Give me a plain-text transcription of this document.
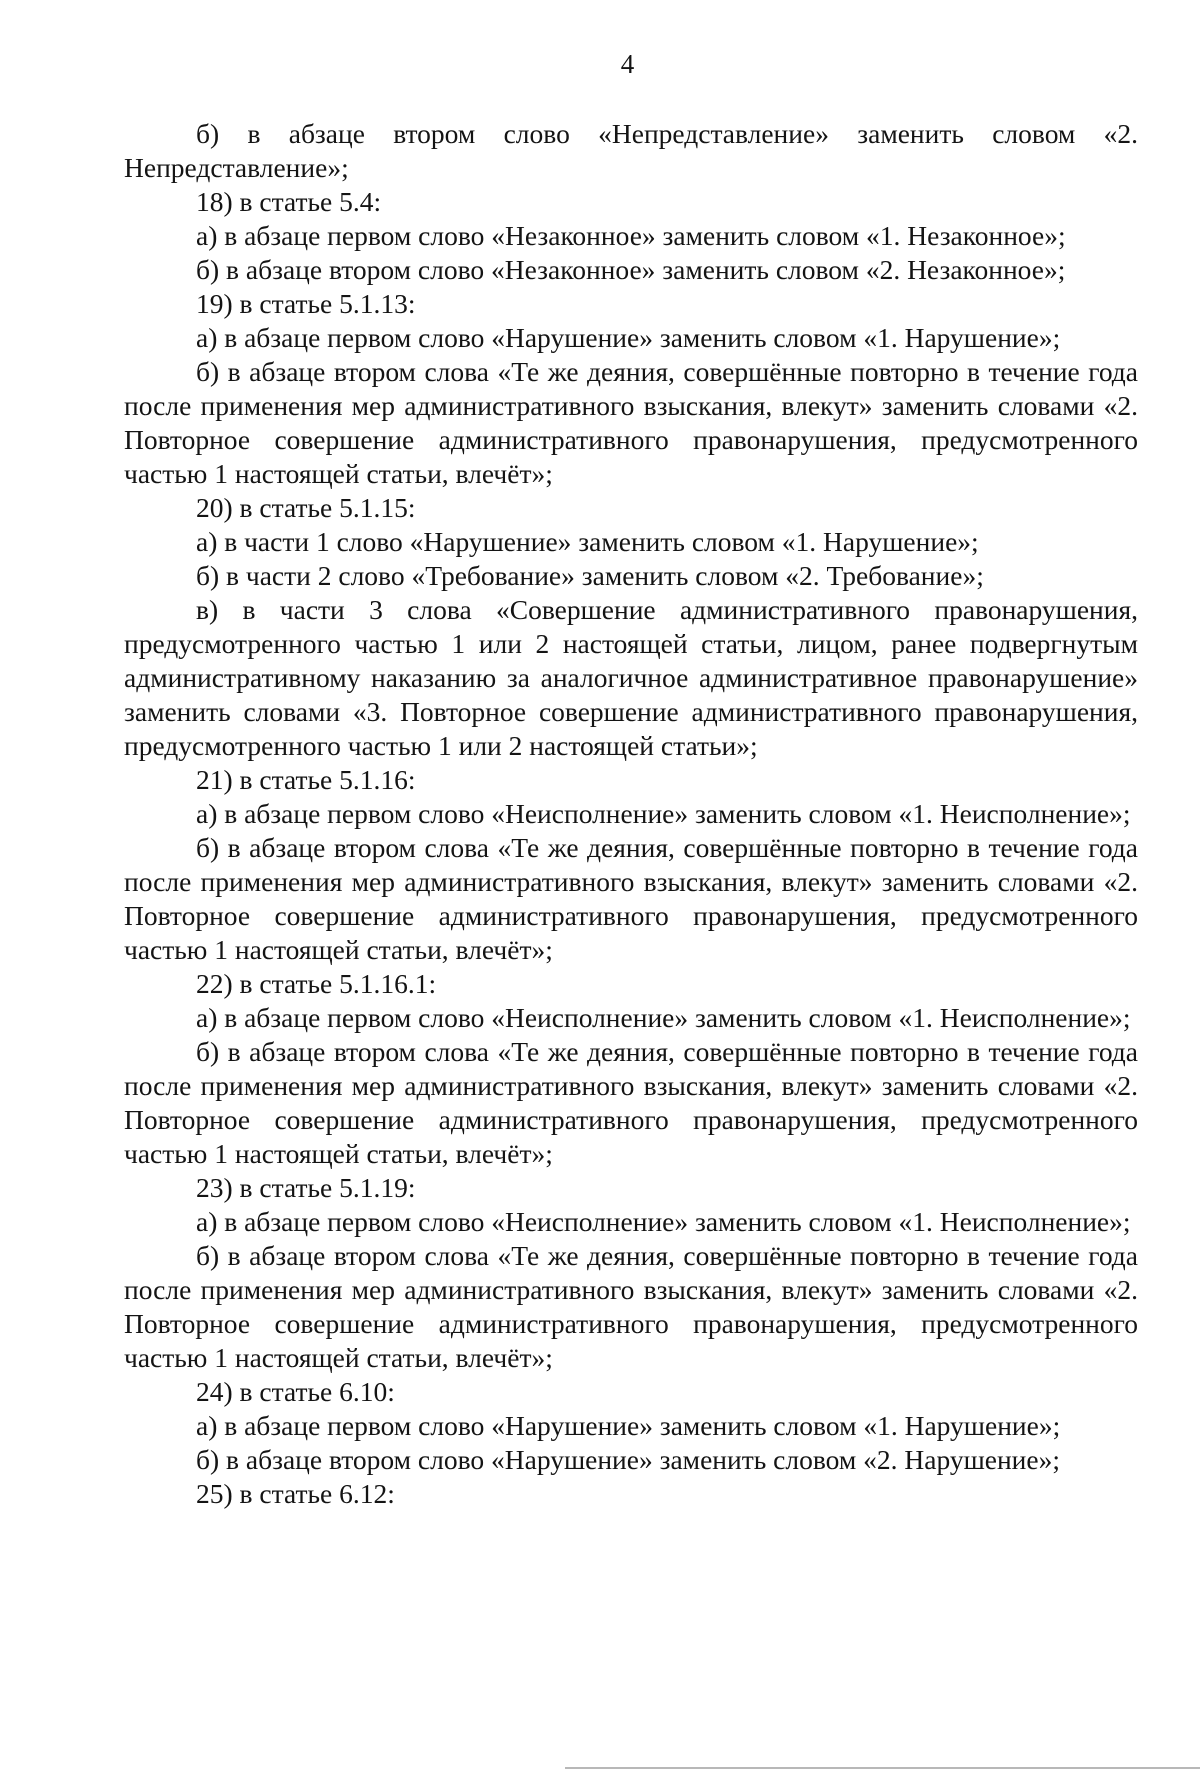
4

б) в абзаце втором слово «Непредставление» заменить словом «2. Непредставление»;

18) в статье 5.4:

а) в абзаце первом слово «Незаконное» заменить словом «1. Незаконное»;

б) в абзаце втором слово «Незаконное» заменить словом «2. Незаконное»;

19) в статье 5.1.13:

а) в абзаце первом слово «Нарушение» заменить словом «1. Нарушение»;

б) в абзаце втором слова «Те же деяния, совершённые повторно в течение года после применения мер административного взыскания, влекут» заменить словами «2. Повторное совершение административного правонарушения, предусмотренного частью 1 настоящей статьи, влечёт»;

20) в статье 5.1.15:

а) в части 1 слово «Нарушение» заменить словом «1. Нарушение»;

б) в части 2 слово «Требование» заменить словом «2. Требование»;

в) в части 3 слова «Совершение административного правонарушения, предусмотренного частью 1 или 2 настоящей статьи, лицом, ранее подвергнутым административному наказанию за аналогичное административное правонарушение» заменить словами «3. Повторное совершение административного правонарушения, предусмотренного частью 1 или 2 настоящей статьи»;

21) в статье 5.1.16:

а) в абзаце первом слово «Неисполнение» заменить словом «1. Неисполнение»;

б) в абзаце втором слова «Те же деяния, совершённые повторно в течение года после применения мер административного взыскания, влекут» заменить словами «2. Повторное совершение административного правонарушения, предусмотренного частью 1 настоящей статьи, влечёт»;

22) в статье 5.1.16.1:

а) в абзаце первом слово «Неисполнение» заменить словом «1. Неисполнение»;

б) в абзаце втором слова «Те же деяния, совершённые повторно в течение года после применения мер административного взыскания, влекут» заменить словами «2. Повторное совершение административного правонарушения, предусмотренного частью 1 настоящей статьи, влечёт»;

23) в статье 5.1.19:

а) в абзаце первом слово «Неисполнение» заменить словом «1. Неисполнение»;

б) в абзаце втором слова «Те же деяния, совершённые повторно в течение года после применения мер административного взыскания, влекут» заменить словами «2. Повторное совершение административного правонарушения, предусмотренного частью 1 настоящей статьи, влечёт»;

24) в статье 6.10:

а) в абзаце первом слово «Нарушение» заменить словом «1. Нарушение»;

б) в абзаце втором слово «Нарушение» заменить словом «2. Нарушение»;

25) в статье 6.12:
